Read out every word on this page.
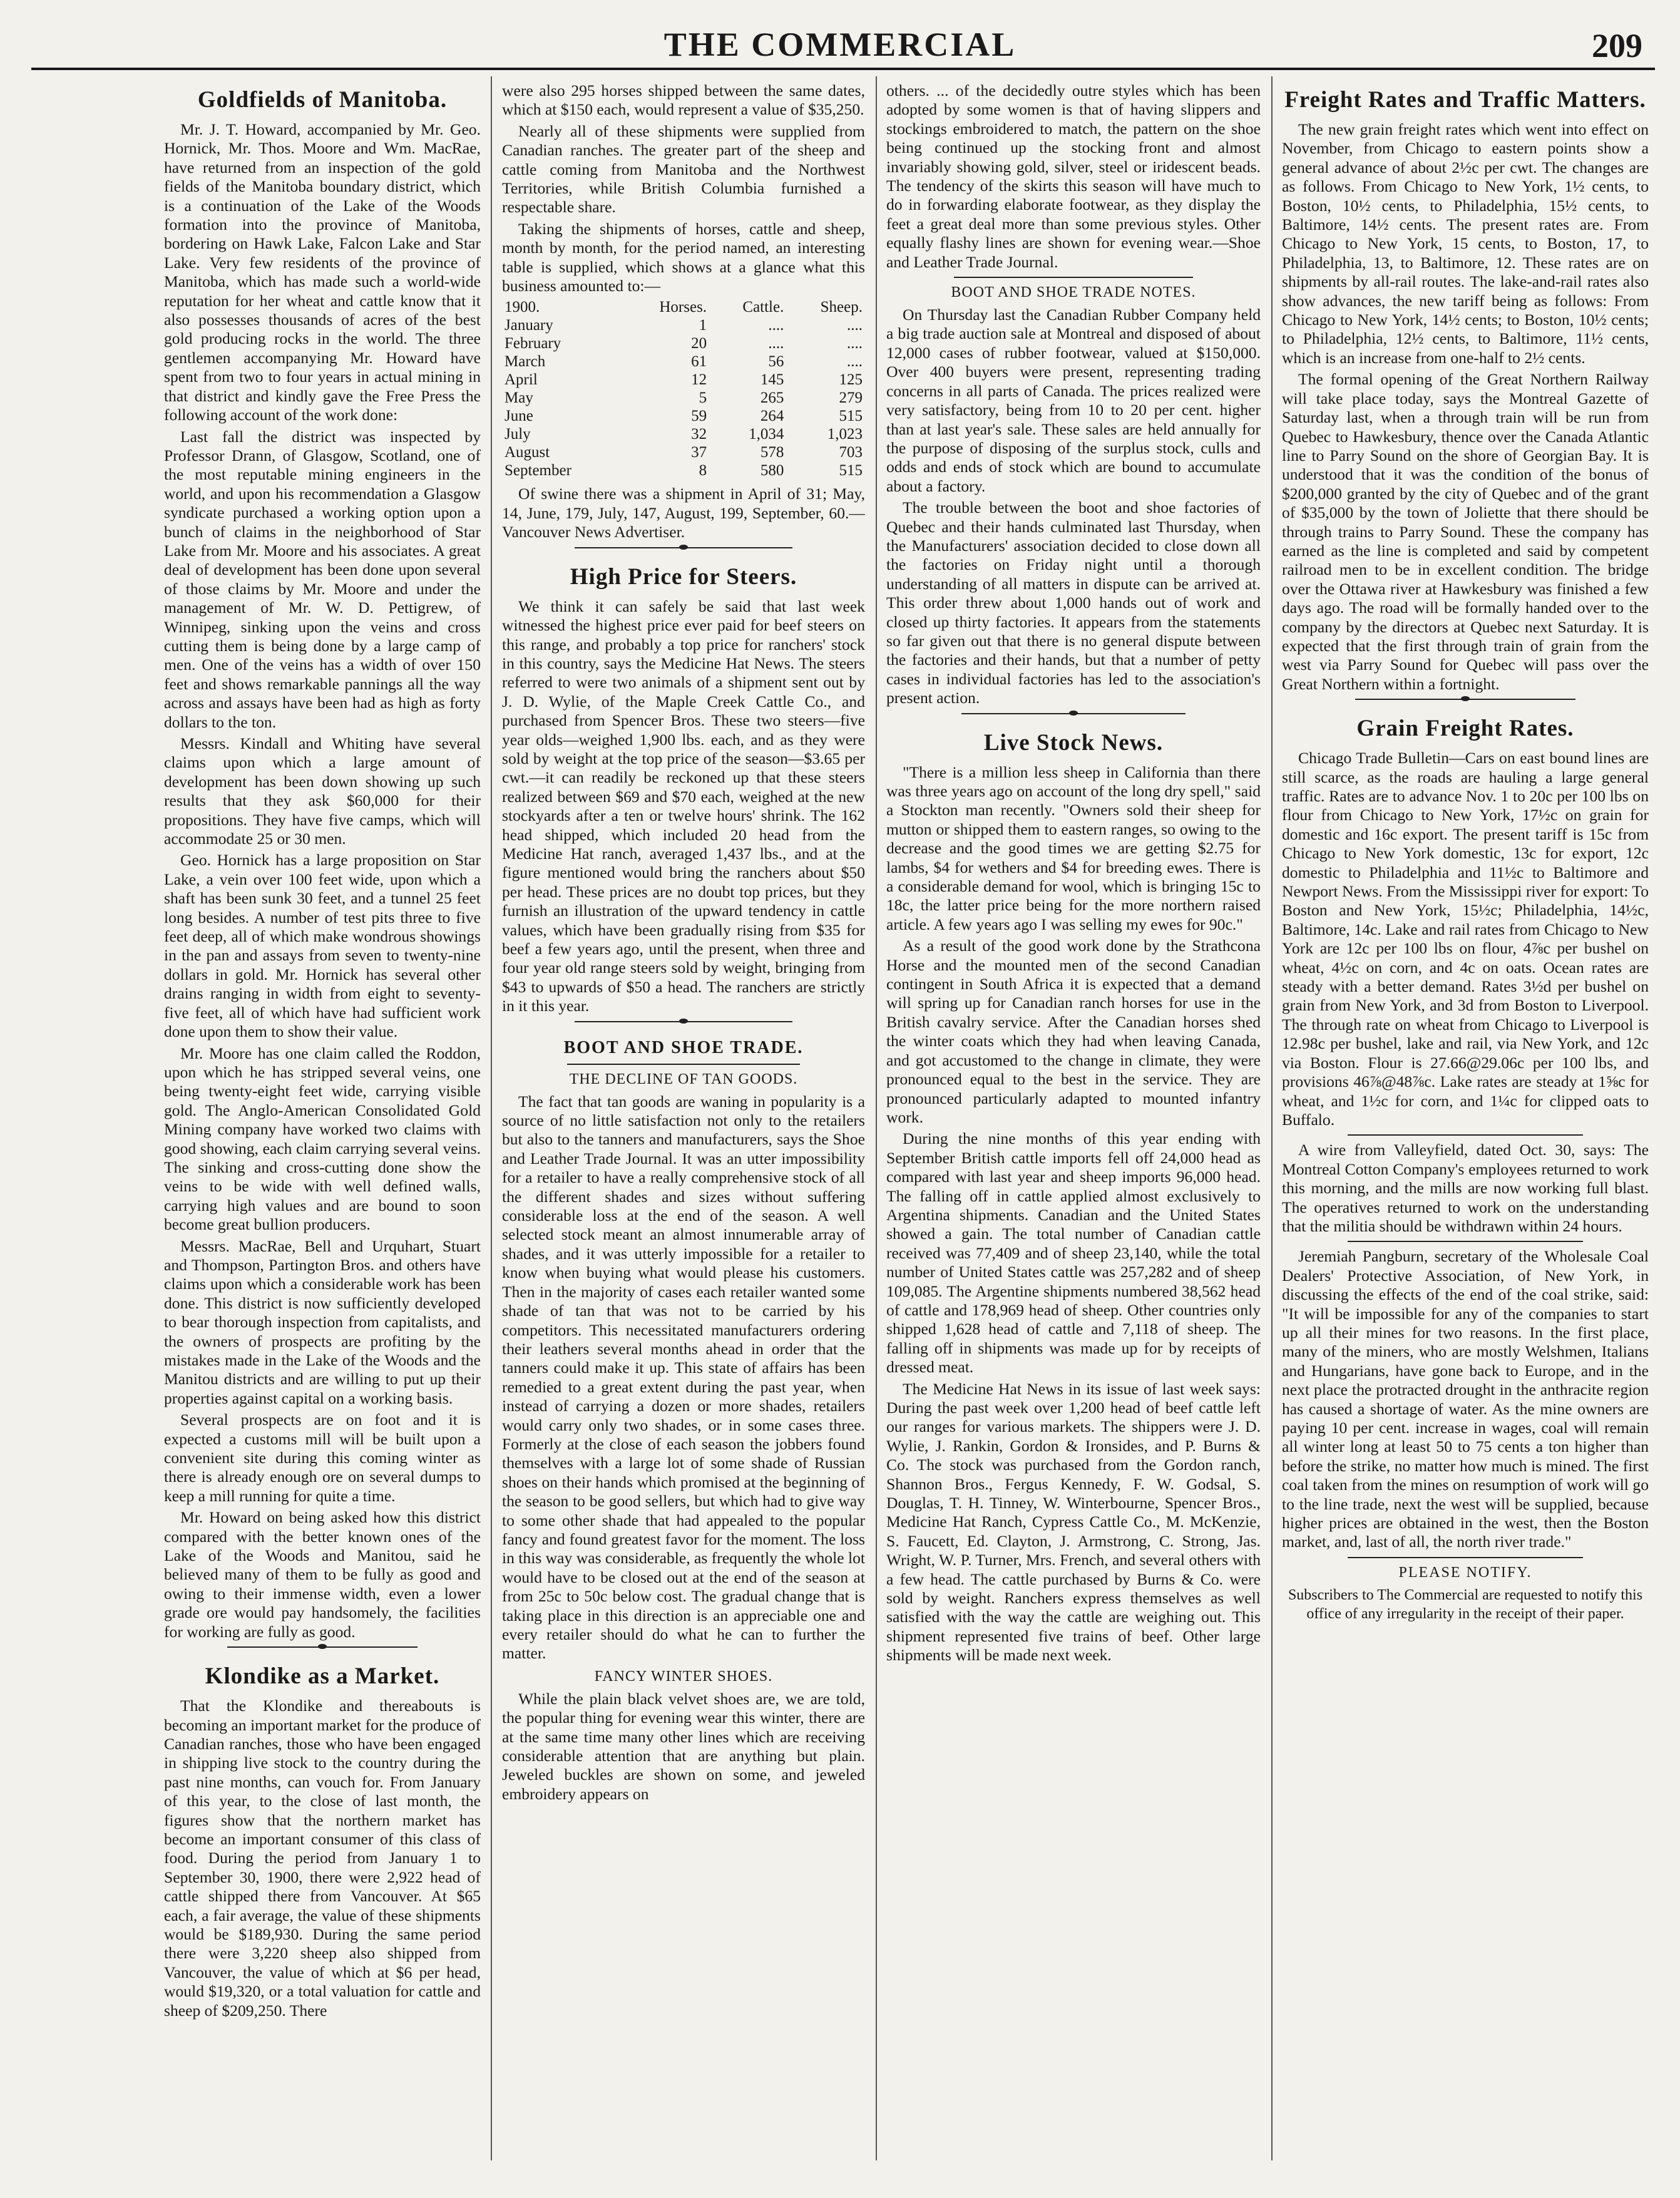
THE COMMERCIAL	209
Goldfields of Manitoba.

Mr. J. T. Howard, accompanied by Mr. Geo. Hornick, Mr. Thos. Moore and Wm. MacRae, have returned from an inspection of the gold fields of the Manitoba boundary district, which is a continuation of the Lake of the Woods formation into the province of Manitoba, bordering on Hawk Lake, Falcon Lake and Star Lake. Very few residents of the province of Manitoba, which has made such a world-wide reputation for her wheat and cattle know that it also possesses thousands of acres of the best gold producing rocks in the world. The three gentlemen accompanying Mr. Howard have spent from two to four years in actual mining in that district and kindly gave the Free Press the following account of the work done:

Last fall the district was inspected by Professor Drann, of Glasgow, Scotland, one of the most reputable mining engineers in the world, and upon his recommendation a Glasgow syndicate purchased a working option upon a bunch of claims in the neighborhood of Star Lake from Mr. Moore and his associates. A great deal of development has been done upon several of those claims by Mr. Moore and under the management of Mr. W. D. Pettigrew, of Winnipeg, sinking upon the veins and cross cutting them is being done by a large camp of men. One of the veins has a width of over 150 feet and shows remarkable pannings all the way across and assays have been had as high as forty dollars to the ton.

Messrs. Kindall and Whiting have several claims upon which a large amount of development has been down showing up such results that they ask $60,000 for their propositions. They have five camps, which will accommodate 25 or 30 men.

Geo. Hornick has a large proposition on Star Lake, a vein over 100 feet wide, upon which a shaft has been sunk 30 feet, and a tunnel 25 feet long besides. A number of test pits three to five feet deep, all of which make wondrous showings in the pan and assays from seven to twenty-nine dollars in gold. Mr. Hornick has several other drains ranging in width from eight to seventy-five feet, all of which have had sufficient work done upon them to show their value.

Mr. Moore has one claim called the Roddon, upon which he has stripped several veins, one being twenty-eight feet wide, carrying visible gold. The Anglo-American Consolidated Gold Mining company have worked two claims with good showing, each claim carrying several veins. The sinking and cross-cutting done show the veins to be wide with well defined walls, carrying high values and are bound to soon become great bullion producers.

Messrs. MacRae, Bell and Urquhart, Stuart and Thompson, Partington Bros. and others have claims upon which a considerable work has been done. This district is now sufficiently developed to bear thorough inspection from capitalists, and the owners of prospects are profiting by the mistakes made in the Lake of the Woods and the Manitou districts and are willing to put up their properties against capital on a working basis.

Several prospects are on foot and it is expected a customs mill will be built upon a convenient site during this coming winter as there is already enough ore on several dumps to keep a mill running for quite a time.

Mr. Howard on being asked how this district compared with the better known ones of the Lake of the Woods and Manitou, said he believed many of them to be fully as good and owing to their immense width, even a lower grade ore would pay handsomely, the facilities for working are fully as good.

Klondike as a Market.

That the Klondike and thereabouts is becoming an important market for the produce of Canadian ranches, those who have been engaged in shipping live stock to the country during the past nine months, can vouch for. From January of this year, to the close of last month, the figures show that the northern market has become an important consumer of this class of food. During the period from January 1 to September 30, 1900, there were 2,922 head of cattle shipped there from Vancouver. At $65 each, a fair average, the value of these shipments would be $189,930. During the same period there were 3,220 sheep also shipped from Vancouver, the value of which at $6 per head, would $19,320, or a total valuation for cattle and sheep of $209,250. There

were also 295 horses shipped between the same dates, which at $150 each, would represent a value of $35,250.

Nearly all of these shipments were supplied from Canadian ranches. The greater part of the sheep and cattle coming from Manitoba and the Northwest Territories, while British Columbia furnished a respectable share.

Taking the shipments of horses, cattle and sheep, month by month, for the period named, an interesting table is supplied, which shows at a glance what this business amounted to:—

1900.	Horses.	Cattle.	Sheep.
January	1	....	....
February	20	....	....
March	61	56	....
April	12	145	125
May	5	265	279
June	59	264	515
July	32	1,034	1,023
August	37	578	703
September	8	580	515

Of swine there was a shipment in April of 31; May, 14, June, 179, July, 147, August, 199, September, 60.—Vancouver News Advertiser.

High Price for Steers.

We think it can safely be said that last week witnessed the highest price ever paid for beef steers on this range, and probably a top price for ranchers' stock in this country, says the Medicine Hat News. The steers referred to were two animals of a shipment sent out by J. D. Wylie, of the Maple Creek Cattle Co., and purchased from Spencer Bros. These two steers—five year olds—weighed 1,900 lbs. each, and as they were sold by weight at the top price of the season—$3.65 per cwt.—it can readily be reckoned up that these steers realized between $69 and $70 each, weighed at the new stockyards after a ten or twelve hours' shrink. The 162 head shipped, which included 20 head from the Medicine Hat ranch, averaged 1,437 lbs., and at the figure mentioned would bring the ranchers about $50 per head. These prices are no doubt top prices, but they furnish an illustration of the upward tendency in cattle values, which have been gradually rising from $35 for beef a few years ago, until the present, when three and four year old range steers sold by weight, bringing from $43 to upwards of $50 a head. The ranchers are strictly in it this year.

BOOT AND SHOE TRADE.
THE DECLINE OF TAN GOODS.

The fact that tan goods are waning in popularity is a source of no little satisfaction not only to the retailers but also to the tanners and manufacturers, says the Shoe and Leather Trade Journal. It was an utter impossibility for a retailer to have a really comprehensive stock of all the different shades and sizes without suffering considerable loss at the end of the season. A well selected stock meant an almost innumerable array of shades, and it was utterly impossible for a retailer to know when buying what would please his customers. Then in the majority of cases each retailer wanted some shade of tan that was not to be carried by his competitors. This necessitated manufacturers ordering their leathers several months ahead in order that the tanners could make it up. This state of affairs has been remedied to a great extent during the past year, when instead of carrying a dozen or more shades, retailers would carry only two shades, or in some cases three. Formerly at the close of each season the jobbers found themselves with a large lot of some shade of Russian shoes on their hands which promised at the beginning of the season to be good sellers, but which had to give way to some other shade that had appealed to the popular fancy and found greatest favor for the moment. The loss in this way was considerable, as frequently the whole lot would have to be closed out at the end of the season at from 25c to 50c below cost. The gradual change that is taking place in this direction is an appreciable one and every retailer should do what he can to further the matter.

FANCY WINTER SHOES.

While the plain black velvet shoes are, we are told, the popular thing for evening wear this winter, there are at the same time many other lines which are receiving considerable attention that are anything but plain. Jeweled buckles are shown on some, and jeweled embroidery appears on

others. ... of the decidedly outre styles which has been adopted by some women is that of having slippers and stockings embroidered to match, the pattern on the shoe being continued up the stocking front and almost invariably showing gold, silver, steel or iridescent beads. The tendency of the skirts this season will have much to do in forwarding elaborate footwear, as they display the feet a great deal more than some previous styles. Other equally flashy lines are shown for evening wear.—Shoe and Leather Trade Journal.

BOOT AND SHOE TRADE NOTES.

On Thursday last the Canadian Rubber Company held a big trade auction sale at Montreal and disposed of about 12,000 cases of rubber footwear, valued at $150,000. Over 400 buyers were present, representing trading concerns in all parts of Canada. The prices realized were very satisfactory, being from 10 to 20 per cent. higher than at last year's sale. These sales are held annually for the purpose of disposing of the surplus stock, culls and odds and ends of stock which are bound to accumulate about a factory.

The trouble between the boot and shoe factories of Quebec and their hands culminated last Thursday, when the Manufacturers' association decided to close down all the factories on Friday night until a thorough understanding of all matters in dispute can be arrived at. This order threw about 1,000 hands out of work and closed up thirty factories. It appears from the statements so far given out that there is no general dispute between the factories and their hands, but that a number of petty cases in individual factories has led to the association's present action.

Live Stock News.

"There is a million less sheep in California than there was three years ago on account of the long dry spell," said a Stockton man recently. "Owners sold their sheep for mutton or shipped them to eastern ranges, so owing to the decrease and the good times we are getting $2.75 for lambs, $4 for wethers and $4 for breeding ewes. There is a considerable demand for wool, which is bringing 15c to 18c, the latter price being for the more northern raised article. A few years ago I was selling my ewes for 90c."

As a result of the good work done by the Strathcona Horse and the mounted men of the second Canadian contingent in South Africa it is expected that a demand will spring up for Canadian ranch horses for use in the British cavalry service. After the Canadian horses shed the winter coats which they had when leaving Canada, and got accustomed to the change in climate, they were pronounced equal to the best in the service. They are pronounced particularly adapted to mounted infantry work.

During the nine months of this year ending with September British cattle imports fell off 24,000 head as compared with last year and sheep imports 96,000 head. The falling off in cattle applied almost exclusively to Argentina shipments. Canadian and the United States showed a gain. The total number of Canadian cattle received was 77,409 and of sheep 23,140, while the total number of United States cattle was 257,282 and of sheep 109,085. The Argentine shipments numbered 38,562 head of cattle and 178,969 head of sheep. Other countries only shipped 1,628 head of cattle and 7,118 of sheep. The falling off in shipments was made up for by receipts of dressed meat.

The Medicine Hat News in its issue of last week says: During the past week over 1,200 head of beef cattle left our ranges for various markets. The shippers were J. D. Wylie, J. Rankin, Gordon & Ironsides, and P. Burns & Co. The stock was purchased from the Gordon ranch, Shannon Bros., Fergus Kennedy, F. W. Godsal, S. Douglas, T. H. Tinney, W. Winterbourne, Spencer Bros., Medicine Hat Ranch, Cypress Cattle Co., M. McKenzie, S. Faucett, Ed. Clayton, J. Armstrong, C. Strong, Jas. Wright, W. P. Turner, Mrs. French, and several others with a few head. The cattle purchased by Burns & Co. were sold by weight. Ranchers express themselves as well satisfied with the way the cattle are weighing out. This shipment represented five trains of beef. Other large shipments will be made next week.

Freight Rates and Traffic Matters.

The new grain freight rates which went into effect on November, from Chicago to eastern points show a general advance of about 2½c per cwt. The changes are as follows. From Chicago to New York, 1½ cents, to Boston, 10½ cents, to Philadelphia, 15½ cents, to Baltimore, 14½ cents. The present rates are. From Chicago to New York, 15 cents, to Boston, 17, to Philadelphia, 13, to Baltimore, 12. These rates are on shipments by all-rail routes. The lake-and-rail rates also show advances, the new tariff being as follows: From Chicago to New York, 14½ cents; to Boston, 10½ cents; to Philadelphia, 12½ cents, to Baltimore, 11½ cents, which is an increase from one-half to 2½ cents.

The formal opening of the Great Northern Railway will take place today, says the Montreal Gazette of Saturday last, when a through train will be run from Quebec to Hawkesbury, thence over the Canada Atlantic line to Parry Sound on the shore of Georgian Bay. It is understood that it was the condition of the bonus of $200,000 granted by the city of Quebec and of the grant of $35,000 by the town of Joliette that there should be through trains to Parry Sound. These the company has earned as the line is completed and said by competent railroad men to be in excellent condition. The bridge over the Ottawa river at Hawkesbury was finished a few days ago. The road will be formally handed over to the company by the directors at Quebec next Saturday. It is expected that the first through train of grain from the west via Parry Sound for Quebec will pass over the Great Northern within a fortnight.

Grain Freight Rates.

Chicago Trade Bulletin—Cars on east bound lines are still scarce, as the roads are hauling a large general traffic. Rates are to advance Nov. 1 to 20c per 100 lbs on flour from Chicago to New York, 17½c on grain for domestic and 16c export. The present tariff is 15c from Chicago to New York domestic, 13c for export, 12c domestic to Philadelphia and 11½c to Baltimore and Newport News. From the Mississippi river for export: To Boston and New York, 15½c; Philadelphia, 14½c, Baltimore, 14c. Lake and rail rates from Chicago to New York are 12c per 100 lbs on flour, 4⅞c per bushel on wheat, 4½c on corn, and 4c on oats. Ocean rates are steady with a better demand. Rates 3½d per bushel on grain from New York, and 3d from Boston to Liverpool. The through rate on wheat from Chicago to Liverpool is 12.98c per bushel, lake and rail, via New York, and 12c via Boston. Flour is 27.66@29.06c per 100 lbs, and provisions 46⅞@48⅞c. Lake rates are steady at 1⅝c for wheat, and 1½c for corn, and 1¼c for clipped oats to Buffalo.

A wire from Valleyfield, dated Oct. 30, says: The Montreal Cotton Company's employees returned to work this morning, and the mills are now working full blast. The operatives returned to work on the understanding that the militia should be withdrawn within 24 hours.

Jeremiah Pangburn, secretary of the Wholesale Coal Dealers' Protective Association, of New York, in discussing the effects of the end of the coal strike, said: "It will be impossible for any of the companies to start up all their mines for two reasons. In the first place, many of the miners, who are mostly Welshmen, Italians and Hungarians, have gone back to Europe, and in the next place the protracted drought in the anthracite region has caused a shortage of water. As the mine owners are paying 10 per cent. increase in wages, coal will remain all winter long at least 50 to 75 cents a ton higher than before the strike, no matter how much is mined. The first coal taken from the mines on resumption of work will go to the line trade, next the west will be supplied, because higher prices are obtained in the west, then the Boston market, and, last of all, the north river trade."

PLEASE NOTIFY.

Subscribers to The Commercial are requested to notify this office of any irregularity in the receipt of their paper.
